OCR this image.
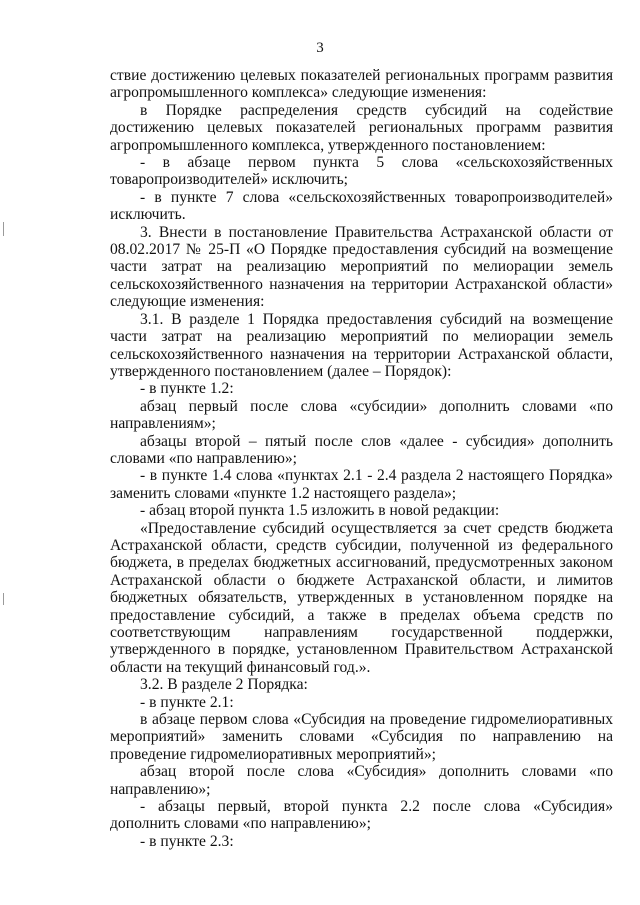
3

ствие достижению целевых показателей региональных программ развития агропромышленного комплекса» следующие изменения:

в Порядке распределения средств субсидий на содействие достижению целевых показателей региональных программ развития агропромышленного комплекса, утвержденного постановлением:

- в абзаце первом пункта 5 слова «сельскохозяйственных товаропроизводителей» исключить;

- в пункте 7 слова «сельскохозяйственных товаропроизводителей» исключить.

3. Внести в постановление Правительства Астраханской области от 08.02.2017 № 25-П «О Порядке предоставления субсидий на возмещение части затрат на реализацию мероприятий по мелиорации земель сельскохозяйственного назначения на территории Астраханской области» следующие изменения:

3.1. В разделе 1 Порядка предоставления субсидий на возмещение части затрат на реализацию мероприятий по мелиорации земель сельскохозяйственного назначения на территории Астраханской области, утвержденного постановлением (далее – Порядок):

- в пункте 1.2:

абзац первый после слова «субсидии» дополнить словами «по направлениям»;

абзацы второй – пятый после слов «далее - субсидия» дополнить словами «по направлению»;

- в пункте 1.4 слова «пунктах 2.1 - 2.4 раздела 2 настоящего Порядка» заменить словами «пункте 1.2 настоящего раздела»;

- абзац второй пункта 1.5 изложить в новой редакции:

«Предоставление субсидий осуществляется за счет средств бюджета Астраханской области, средств субсидии, полученной из федерального бюджета, в пределах бюджетных ассигнований, предусмотренных законом Астраханской области о бюджете Астраханской области, и лимитов бюджетных обязательств, утвержденных в установленном порядке на предоставление субсидий, а также в пределах объема средств по соответствующим направлениям государственной поддержки, утвержденного в порядке, установленном Правительством Астраханской области на текущий финансовый год.».

3.2. В разделе 2 Порядка:

- в пункте 2.1:

в абзаце первом слова «Субсидия на проведение гидромелиоративных мероприятий» заменить словами «Субсидия по направлению на проведение гидромелиоративных мероприятий»;

абзац второй после слова «Субсидия» дополнить словами «по направлению»;

- абзацы первый, второй пункта 2.2 после слова «Субсидия» дополнить словами «по направлению»;

- в пункте 2.3:
